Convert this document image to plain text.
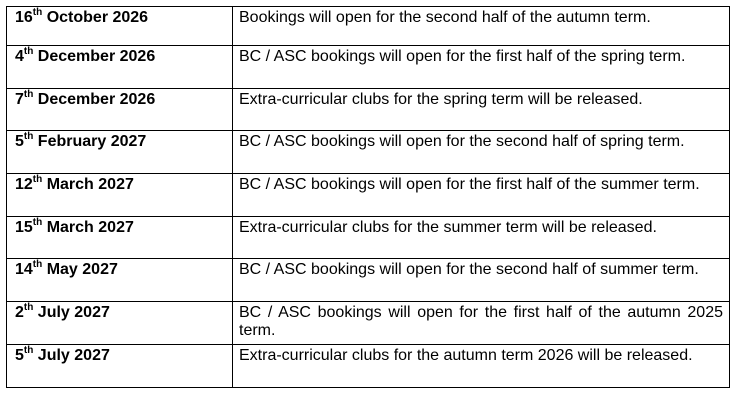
16th October 2026	Bookings will open for the second half of the autumn term.
4th December 2026	BC / ASC bookings will open for the first half of the spring term.
7th December 2026	Extra-curricular clubs for the spring term will be released.
5th February 2027	BC / ASC bookings will open for the second half of spring term.
12th March 2027	BC / ASC bookings will open for the first half of the summer term.
15th March 2027	Extra-curricular clubs for the summer term will be released.
14th May 2027	BC / ASC bookings will open for the second half of summer term.
2th July 2027	BC / ASC bookings will open for the first half of the autumn 2025 term.
5th July 2027	Extra-curricular clubs for the autumn term 2026 will be released.
